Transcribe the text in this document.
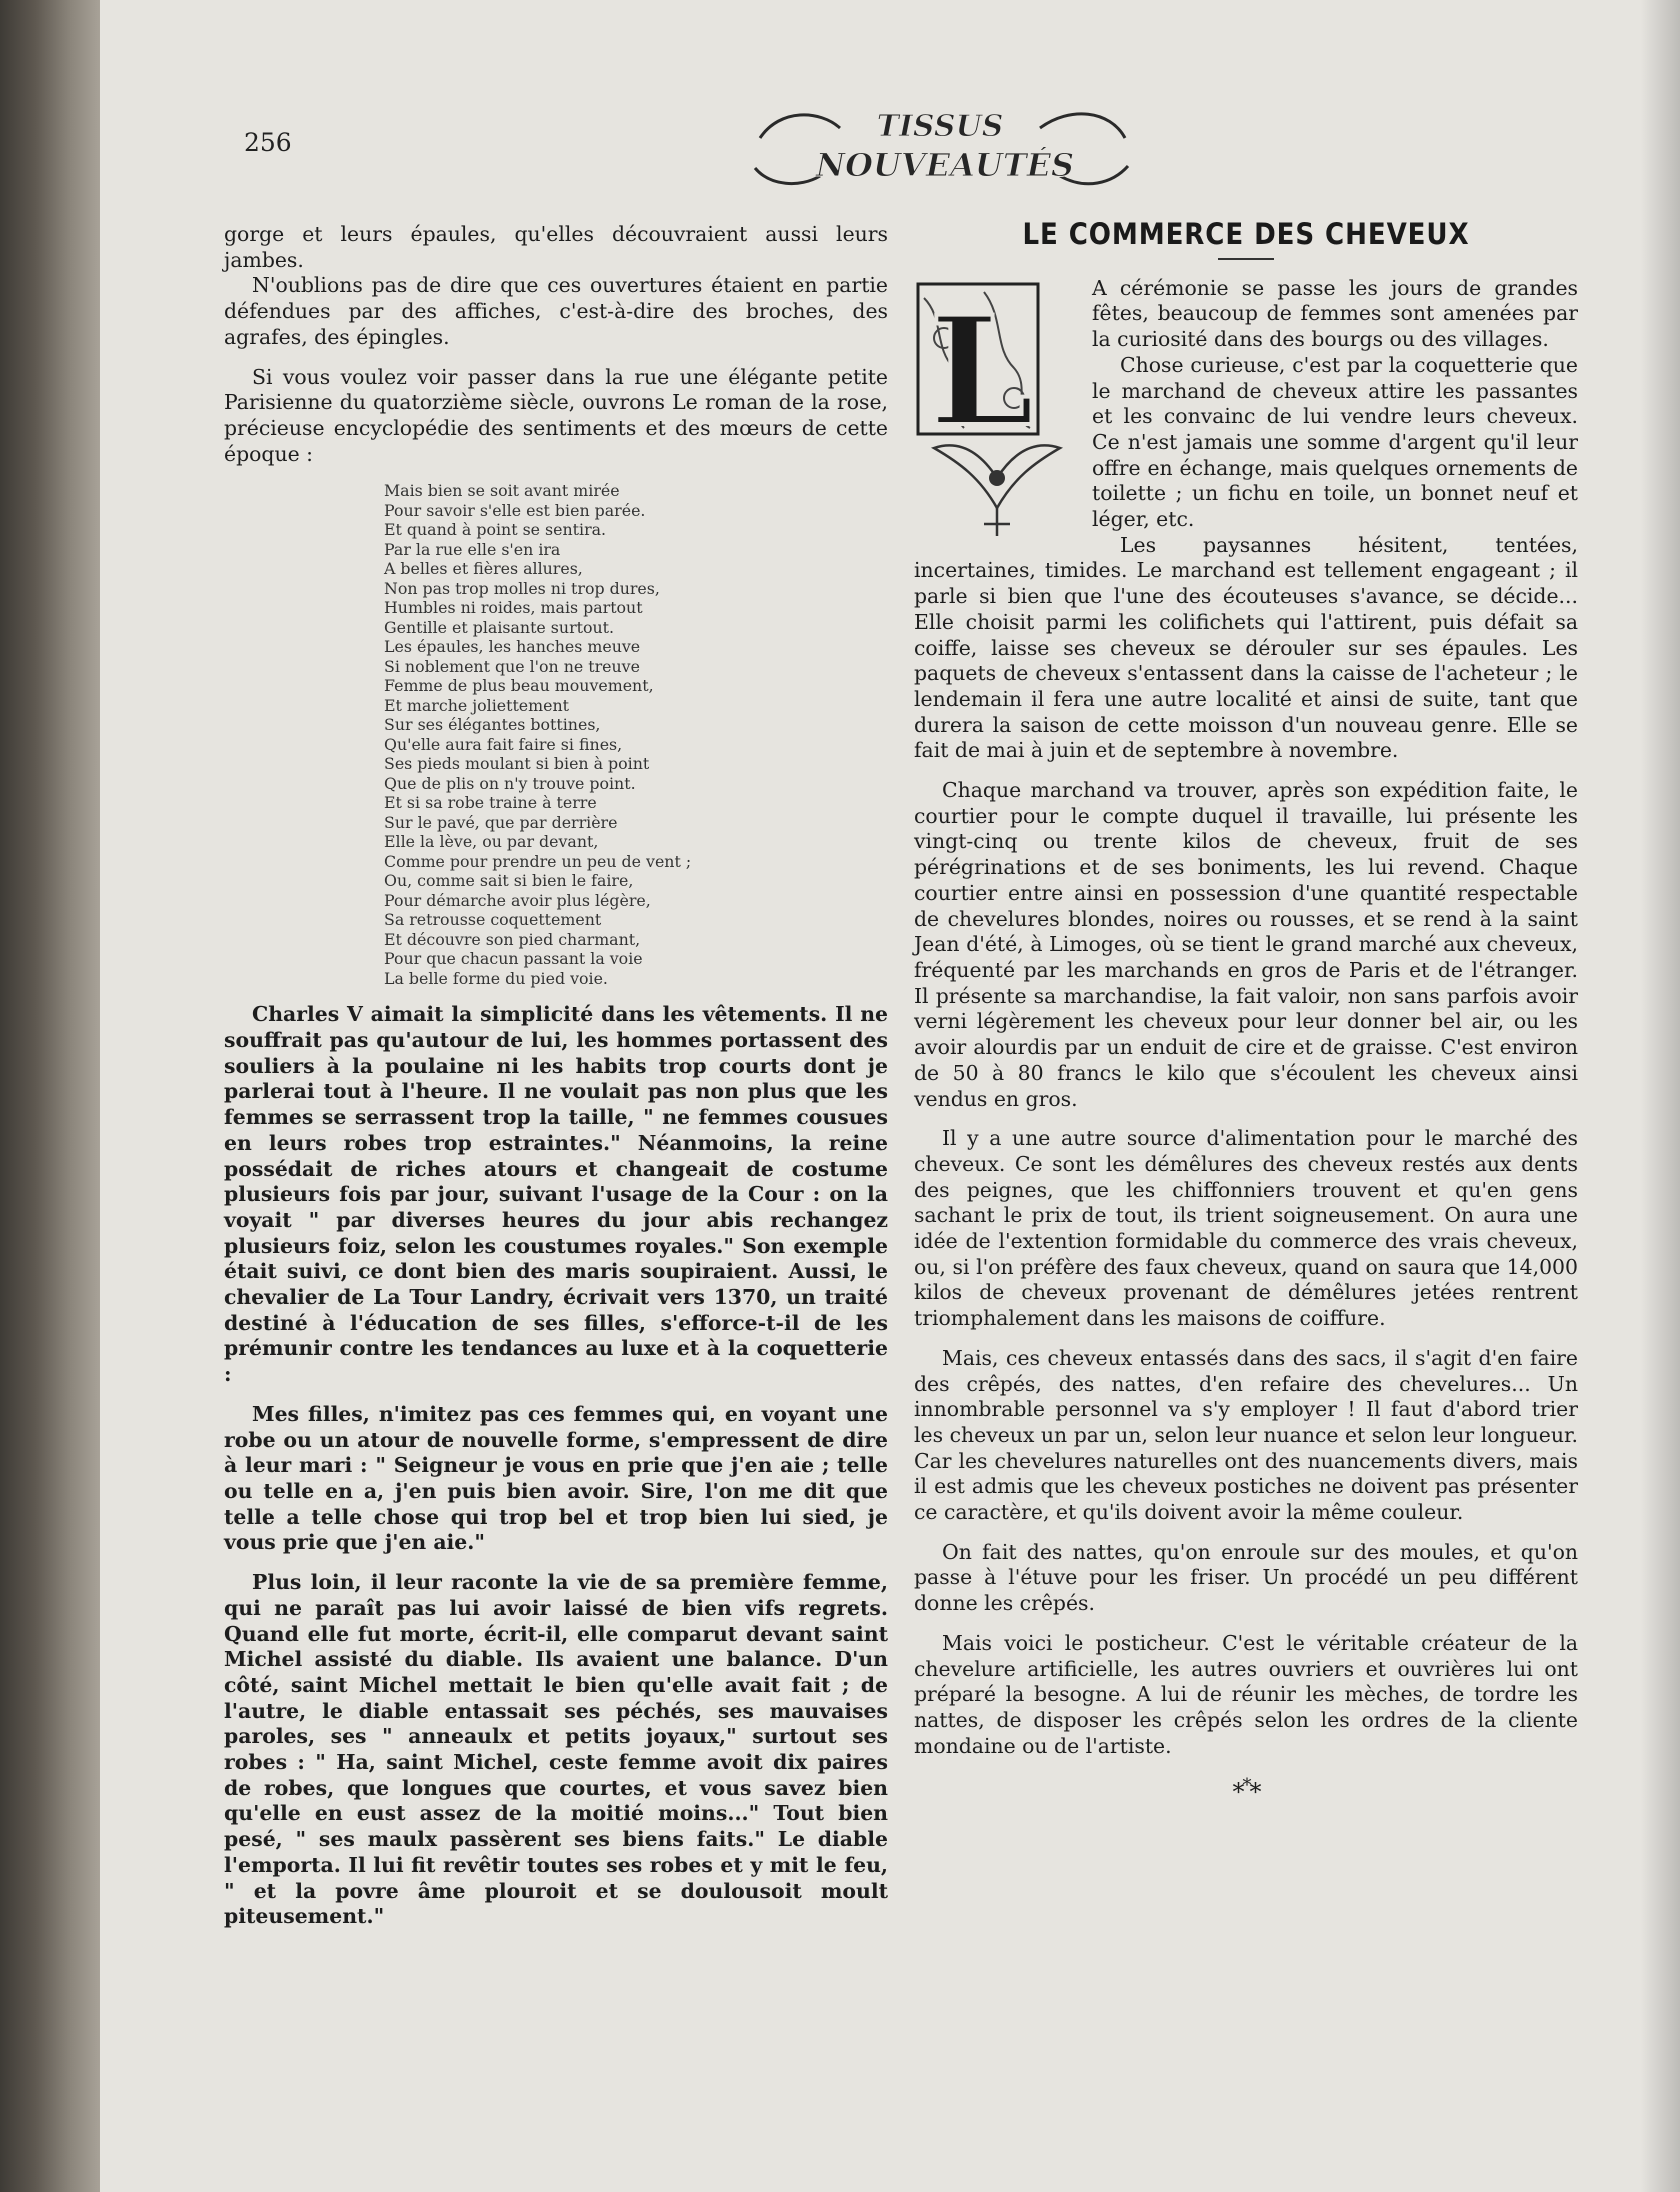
256	TISSUS
NOUVEAUTÉS

gorge et leurs épaules, qu'elles découvraient aussi leurs jambes.

N'oublions pas de dire que ces ouvertures étaient en partie défendues par des affiches, c'est-à-dire des broches, des agrafes, des épingles.

Si vous voulez voir passer dans la rue une élégante petite Parisienne du quatorzième siècle, ouvrons Le roman de la rose, précieuse encyclopédie des sentiments et des mœurs de cette époque :

Mais bien se soit avant mirée
Pour savoir s'elle est bien parée.
Et quand à point se sentira.
Par la rue elle s'en ira
A belles et fières allures,
Non pas trop molles ni trop dures,
Humbles ni roides, mais partout
Gentille et plaisante surtout.
Les épaules, les hanches meuve
Si noblement que l'on ne treuve
Femme de plus beau mouvement,
Et marche joliettement
Sur ses élégantes bottines,
Qu'elle aura fait faire si fines,
Ses pieds moulant si bien à point
Que de plis on n'y trouve point.
Et si sa robe traine à terre
Sur le pavé, que par derrière
Elle la lève, ou par devant,
Comme pour prendre un peu de vent ;
Ou, comme sait si bien le faire,
Pour démarche avoir plus légère,
Sa retrousse coquettement
Et découvre son pied charmant,
Pour que chacun passant la voie
La belle forme du pied voie.

Charles V aimait la simplicité dans les vêtements. Il ne souffrait pas qu'autour de lui, les hommes portassent des souliers à la poulaine ni les habits trop courts dont je parlerai tout à l'heure. Il ne voulait pas non plus que les femmes se serrassent trop la taille, " ne femmes cousues en leurs robes trop estraintes." Néanmoins, la reine possédait de riches atours et changeait de costume plusieurs fois par jour, suivant l'usage de la Cour : on la voyait " par diverses heures du jour abis rechangez plusieurs foiz, selon les coustumes royales." Son exemple était suivi, ce dont bien des maris soupiraient. Aussi, le chevalier de La Tour Landry, écrivait vers 1370, un traité destiné à l'éducation de ses filles, s'efforce-t-il de les prémunir contre les tendances au luxe et à la coquetterie :

Mes filles, n'imitez pas ces femmes qui, en voyant une robe ou un atour de nouvelle forme, s'empressent de dire à leur mari : " Seigneur je vous en prie que j'en aie ; telle ou telle en a, j'en puis bien avoir. Sire, l'on me dit que telle a telle chose qui trop bel et trop bien lui sied, je vous prie que j'en aie."

Plus loin, il leur raconte la vie de sa première femme, qui ne paraît pas lui avoir laissé de bien vifs regrets. Quand elle fut morte, écrit-il, elle comparut devant saint Michel assisté du diable. Ils avaient une balance. D'un côté, saint Michel mettait le bien qu'elle avait fait ; de l'autre, le diable entassait ses péchés, ses mauvaises paroles, ses " anneaulx et petits joyaux," surtout ses robes : " Ha, saint Michel, ceste femme avoit dix paires de robes, que longues que courtes, et vous savez bien qu'elle en eust assez de la moitié moins..." Tout bien pesé, " ses maulx passèrent ses biens faits." Le diable l'emporta. Il lui fit revêtir toutes ses robes et y mit le feu, " et la povre âme plouroit et se doulousoit moult piteusement."

LE COMMERCE DES CHEVEUX
L	A cérémonie se passe les jours de grandes fêtes, beaucoup de femmes sont amenées par la curiosité dans des bourgs ou des villages.

Chose curieuse, c'est par la coquetterie que le marchand de cheveux attire les passantes et les convainc de lui vendre leurs cheveux. Ce n'est jamais une somme d'argent qu'il leur offre en échange, mais quelques ornements de toilette ; un fichu en toile, un bonnet neuf et léger, etc.

Les paysannes hésitent, tentées, incertaines, timides. Le marchand est tellement engageant ; il parle si bien que l'une des écouteuses s'avance, se décide... Elle choisit parmi les colifichets qui l'attirent, puis défait sa coiffe, laisse ses cheveux se dérouler sur ses épaules. Les paquets de cheveux s'entassent dans la caisse de l'acheteur ; le lendemain il fera une autre localité et ainsi de suite, tant que durera la saison de cette moisson d'un nouveau genre. Elle se fait de mai à juin et de septembre à novembre.

Chaque marchand va trouver, après son expédition faite, le courtier pour le compte duquel il travaille, lui présente les vingt-cinq ou trente kilos de cheveux, fruit de ses pérégrinations et de ses boniments, les lui revend. Chaque courtier entre ainsi en possession d'une quantité respectable de chevelures blondes, noires ou rousses, et se rend à la saint Jean d'été, à Limoges, où se tient le grand marché aux cheveux, fréquenté par les marchands en gros de Paris et de l'étranger. Il présente sa marchandise, la fait valoir, non sans parfois avoir verni légèrement les cheveux pour leur donner bel air, ou les avoir alourdis par un enduit de cire et de graisse. C'est environ de 50 à 80 francs le kilo que s'écoulent les cheveux ainsi vendus en gros.

Il y a une autre source d'alimentation pour le marché des cheveux. Ce sont les démêlures des cheveux restés aux dents des peignes, que les chiffonniers trouvent et qu'en gens sachant le prix de tout, ils trient soigneusement. On aura une idée de l'extention formidable du commerce des vrais cheveux, ou, si l'on préfère des faux cheveux, quand on saura que 14,000 kilos de cheveux provenant de démêlures jetées rentrent triomphalement dans les maisons de coiffure.

Mais, ces cheveux entassés dans des sacs, il s'agit d'en faire des crêpés, des nattes, d'en refaire des chevelures... Un innombrable personnel va s'y employer ! Il faut d'abord trier les cheveux un par un, selon leur nuance et selon leur longueur. Car les chevelures naturelles ont des nuancements divers, mais il est admis que les cheveux postiches ne doivent pas présenter ce caractère, et qu'ils doivent avoir la même couleur.

On fait des nattes, qu'on enroule sur des moules, et qu'on passe à l'étuve pour les friser. Un procédé un peu différent donne les crêpés.

Mais voici le posticheur. C'est le véritable créateur de la chevelure artificielle, les autres ouvriers et ouvrières lui ont préparé la besogne. A lui de réunir les mèches, de tordre les nattes, de disposer les crêpés selon les ordres de la cliente mondaine ou de l'artiste.

***
